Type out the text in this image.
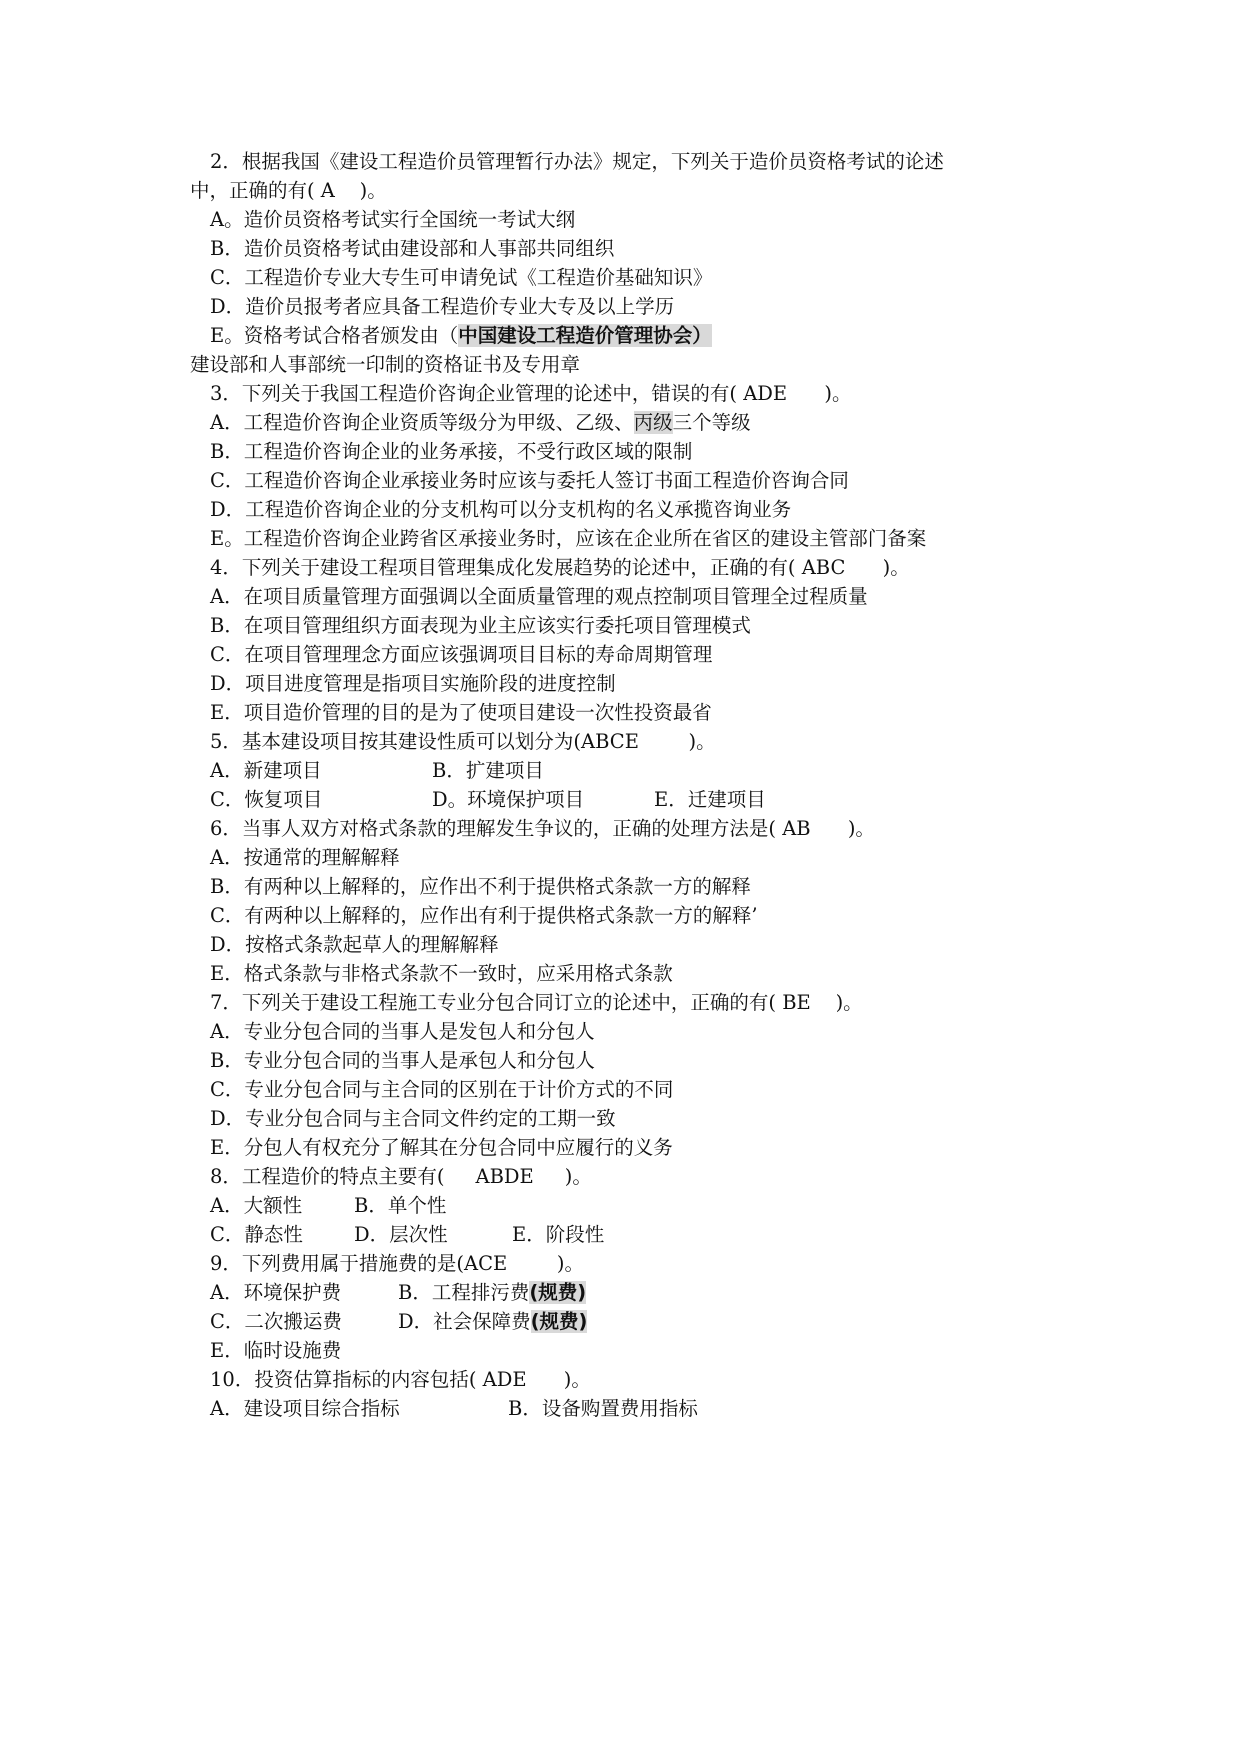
2．根据我国《建设工程造价员管理暂行办法》规定，下列关于造价员资格考试的论述
中，正确的有( A    )。
A。造价员资格考试实行全国统一考试大纲
B．造价员资格考试由建设部和人事部共同组织
C．工程造价专业大专生可申请免试《工程造价基础知识》
D．造价员报考者应具备工程造价专业大专及以上学历
E。资格考试合格者颁发由（中国建设工程造价管理协会）
建设部和人事部统一印制的资格证书及专用章
3．下列关于我国工程造价咨询企业管理的论述中，错误的有( ADE      )。
A．工程造价咨询企业资质等级分为甲级、乙级、丙级三个等级
B．工程造价咨询企业的业务承接，不受行政区域的限制
C．工程造价咨询企业承接业务时应该与委托人签订书面工程造价咨询合同
D．工程造价咨询企业的分支机构可以分支机构的名义承揽咨询业务
E。工程造价咨询企业跨省区承接业务时，应该在企业所在省区的建设主管部门备案
4．下列关于建设工程项目管理集成化发展趋势的论述中，正确的有( ABC      )。
A．在项目质量管理方面强调以全面质量管理的观点控制项目管理全过程质量
B．在项目管理组织方面表现为业主应该实行委托项目管理模式
C．在项目管理理念方面应该强调项目目标的寿命周期管理
D．项目进度管理是指项目实施阶段的进度控制
E．项目造价管理的目的是为了使项目建设一次性投资最省
5．基本建设项目按其建设性质可以划分为(ABCE        )。
A．新建项目	B．扩建项目
C．恢复项目	D。环境保护项目	E．迁建项目
6．当事人双方对格式条款的理解发生争议的，正确的处理方法是( AB      )。
A．按通常的理解解释
B．有两种以上解释的，应作出不利于提供格式条款一方的解释
C．有两种以上解释的，应作出有利于提供格式条款一方的解释’
D．按格式条款起草人的理解解释
E．格式条款与非格式条款不一致时，应采用格式条款
7．下列关于建设工程施工专业分包合同订立的论述中，正确的有( BE    )。
A．专业分包合同的当事人是发包人和分包人
B．专业分包合同的当事人是承包人和分包人
C．专业分包合同与主合同的区别在于计价方式的不同
D．专业分包合同与主合同文件约定的工期一致
E．分包人有权充分了解其在分包合同中应履行的义务
8．工程造价的特点主要有(     ABDE     )。
A．大额性	B．单个性
C．静态性	D．层次性	E．阶段性
9．下列费用属于措施费的是(ACE        )。
A．环境保护费	B．工程排污费(规费)
C．二次搬运费	D．社会保障费(规费)
E．临时设施费
10．投资估算指标的内容包括( ADE      )。
A．建设项目综合指标	B．设备购置费用指标
